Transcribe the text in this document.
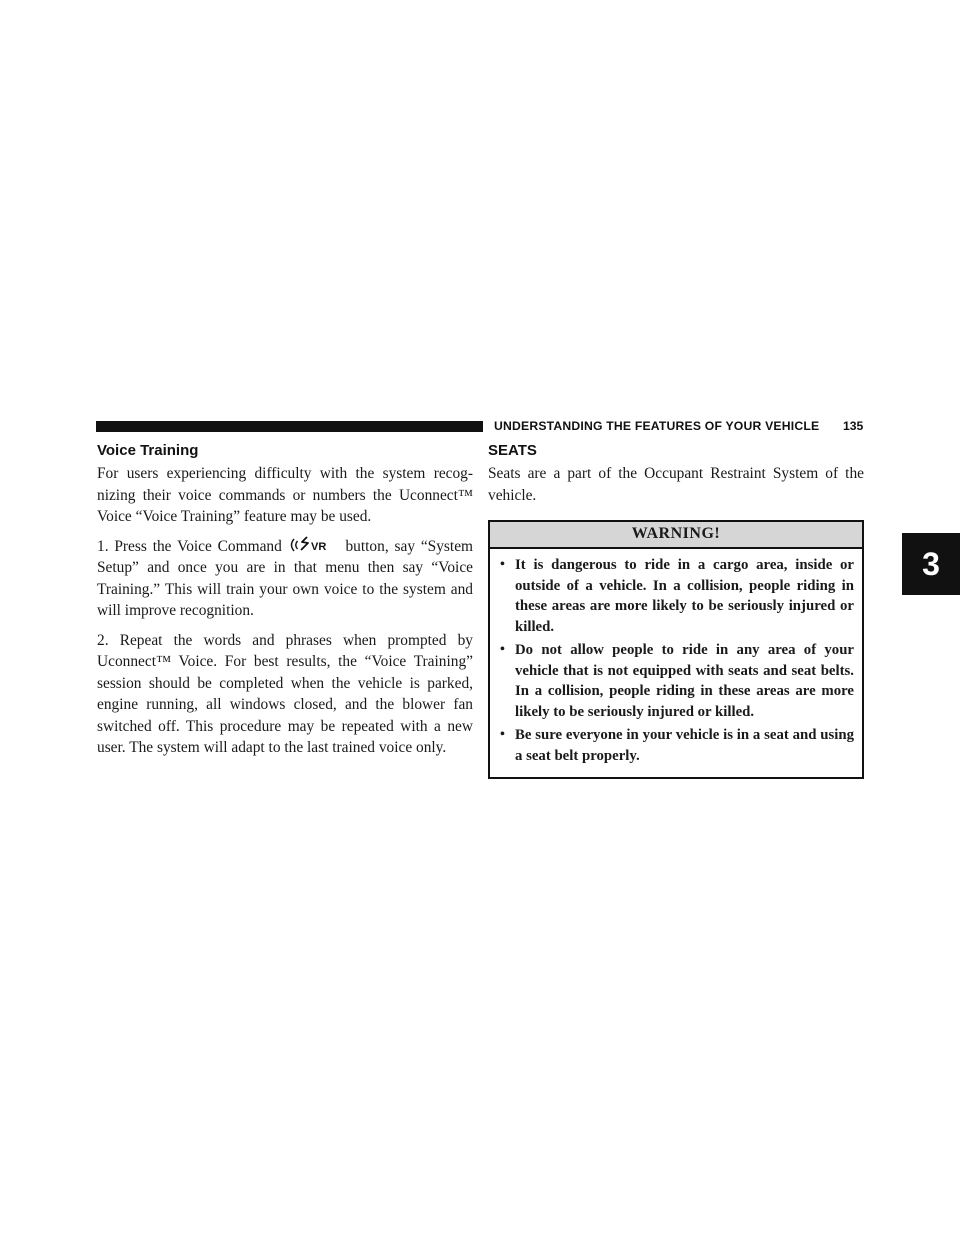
UNDERSTANDING THE FEATURES OF YOUR VEHICLE 135
3
Voice Training

For users experiencing difficulty with the system recog-nizing their voice commands or numbers the Uconnect™ Voice “Voice Training” feature may be used.

1. Press the Voice Command	VR button, say “System Setup” and once you are in that menu then say “Voice Training.” This will train your own voice to the system and will improve recognition.

2. Repeat the words and phrases when prompted by Uconnect™ Voice. For best results, the “Voice Training” session should be completed when the vehicle is parked, engine running, all windows closed, and the blower fan switched off. This procedure may be repeated with a new user. The system will adapt to the last trained voice only.

SEATS

Seats are a part of the Occupant Restraint System of the vehicle.

WARNING!
• It is dangerous to ride in a cargo area, inside or outside of a vehicle. In a collision, people riding in these areas are more likely to be seriously injured or killed.
• Do not allow people to ride in any area of your vehicle that is not equipped with seats and seat belts. In a collision, people riding in these areas are more likely to be seriously injured or killed.
• Be sure everyone in your vehicle is in a seat and using a seat belt properly.
